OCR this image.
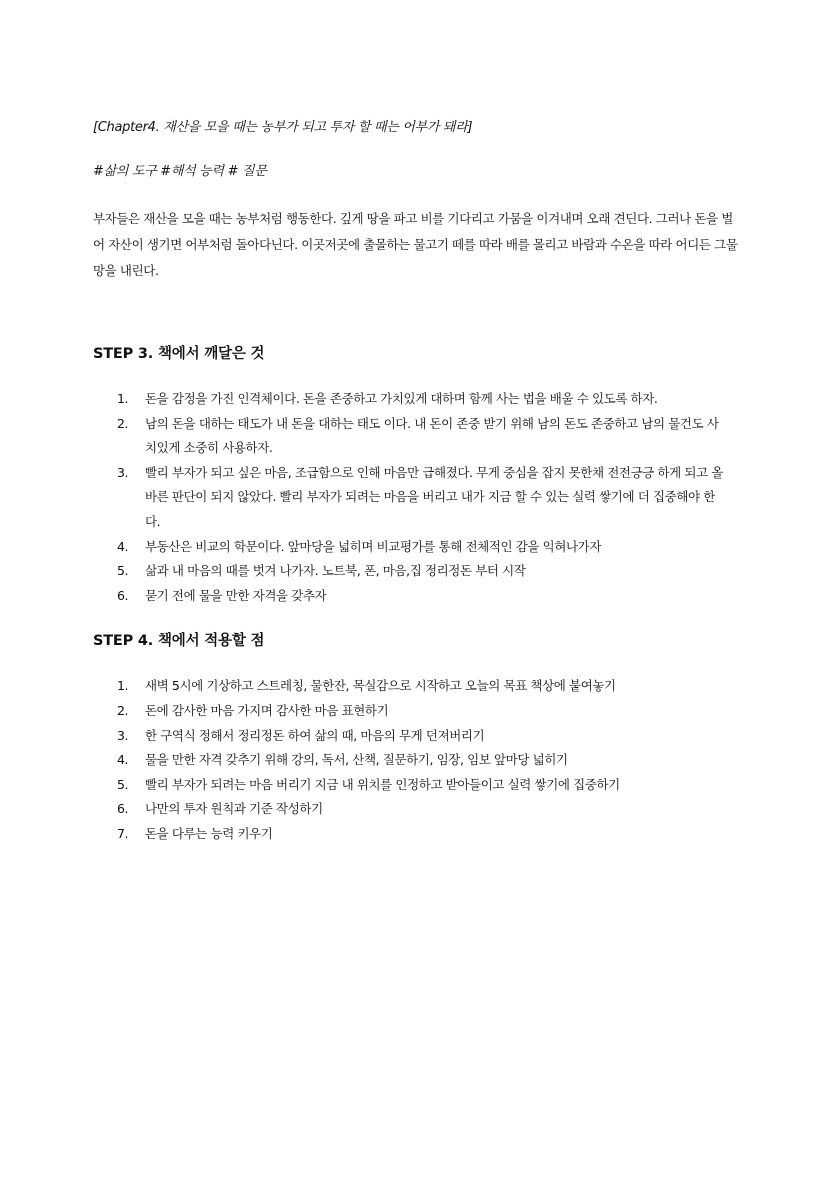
[Chapter4. 재산을 모을 때는 농부가 되고 투자 할 때는 어부가 돼라]

#삶의 도구 #해석 능력 # 질문

부자들은 재산을 모을 때는 농부처럼 행동한다. 깊게 땅을 파고 비를 기다리고 가뭄을 이겨내며 오래 견딘다. 그러나 돈을 벌어 자산이 생기면 어부처럼 돌아다닌다. 이곳저곳에 출몰하는 물고기 떼를 따라 배를 몰리고 바람과 수온을 따라 어디든 그물망을 내린다.

STEP 3. 책에서 깨달은 것
1.	돈을 감정을 가진 인격체이다. 돈을 존중하고 가치있게 대하며 함께 사는 법을 배울 수 있도록 하자.
2.	남의 돈을 대하는 태도가 내 돈을 대하는 태도 이다. 내 돈이 존중 받기 위해 남의 돈도 존중하고 남의 물건도 사치있게 소중히 사용하자.
3.	빨리 부자가 되고 싶은 마음, 조급함으로 인해 마음만 급해졌다. 무게 중심을 잡지 못한채 전전긍긍 하게 되고 올바른 판단이 되지 않았다. 빨리 부자가 되려는 마음을 버리고 내가 지금 할 수 있는 실력 쌓기에 더 집중해야 한다.
4.	부동산은 비교의 학문이다. 앞마당을 넓히며 비교평가를 통해 전체적인 감을 익혀나가자
5.	삶과 내 마음의 때를 벗겨 나가자. 노트북, 폰, 마음,집 정리정돈 부터 시작
6.	묻기 전에 물을 만한 자격을 갖추자
STEP 4. 책에서 적용할 점
1.	새벽 5시에 기상하고 스트레칭, 물한잔, 목실감으로 시작하고 오늘의 목표 책상에 붙여놓기
2.	돈에 감사한 마음 가지며 감사한 마음 표현하기
3.	한 구역식 정해서 정리정돈 하여 삶의 때, 마음의 무게 던져버리기
4.	물을 만한 자격 갖추기 위해 강의, 독서, 산책, 질문하기, 임장, 임보 앞마당 넓히기
5.	빨리 부자가 되려는 마음 버리기 지금 내 위치를 인정하고 받아들이고 실력 쌓기에 집중하기
6.	나만의 투자 원칙과 기준 작성하기
7.	돈을 다루는 능력 키우기
